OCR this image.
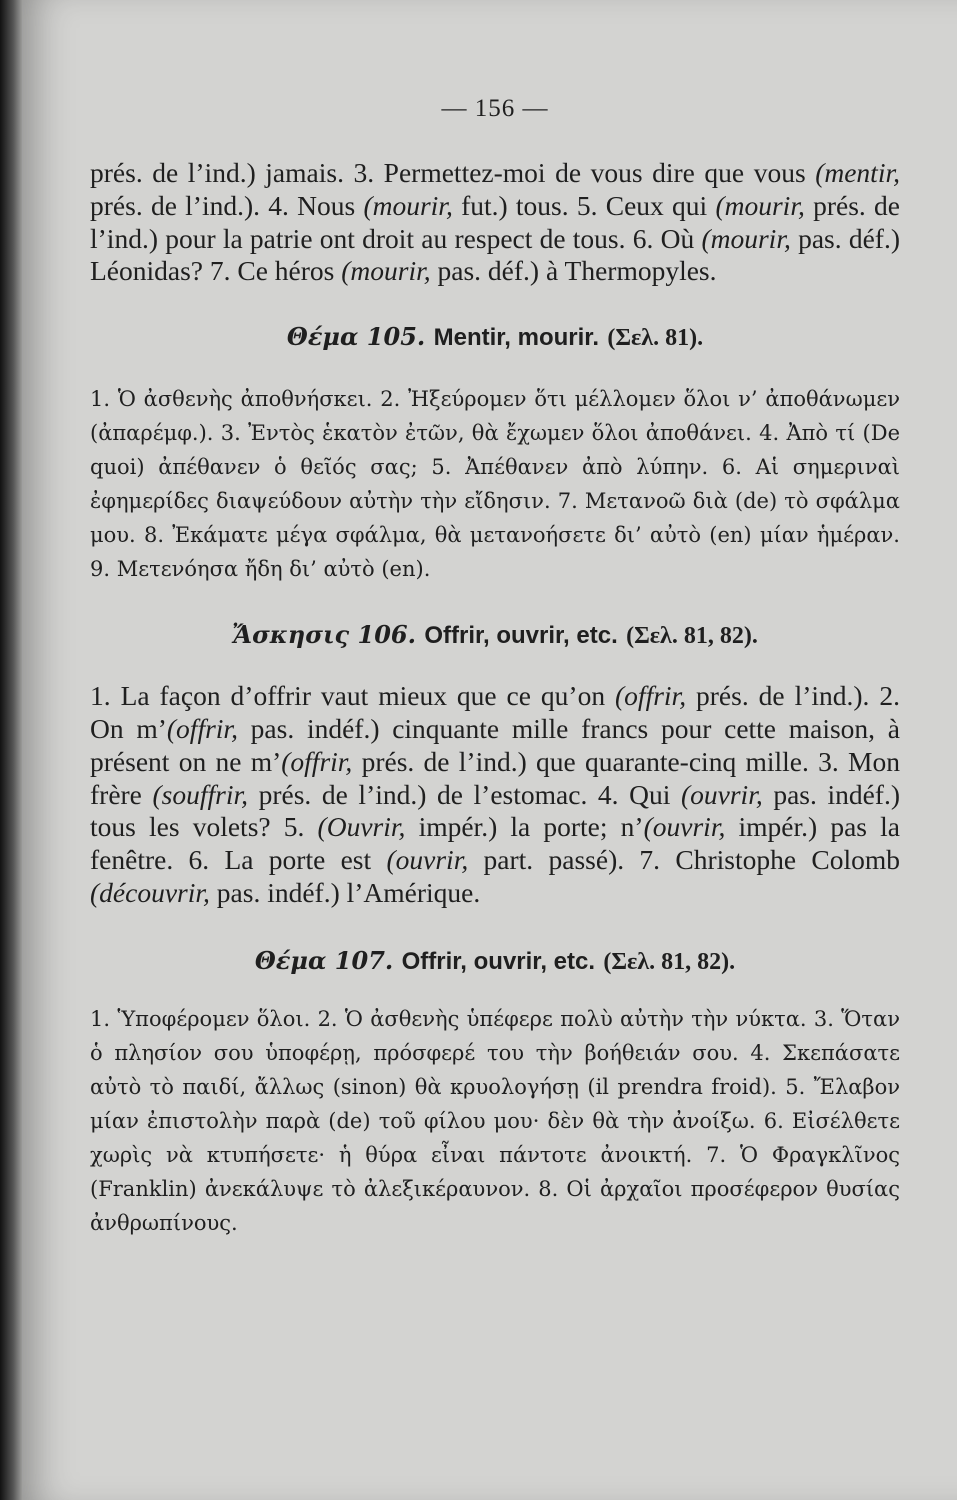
— 156 —

prés. de l’ind.) jamais. 3. Permettez-moi de vous dire que vous (mentir, prés. de l’ind.). 4. Nous (mourir, fut.) tous. 5. Ceux qui (mourir, prés. de l’ind.) pour la patrie ont droit au respect de tous. 6. Où (mourir, pas. déf.) Léonidas? 7. Ce héros (mourir, pas. déf.) à Thermopyles.

Θέμα 105. Mentir, mourir. (Σελ. 81).

1. Ὁ ἀσθενὴς ἀποθνήσκει. 2. Ἠξεύρομεν ὅτι μέλλομεν ὅλοι ν’ ἀποθάνωμεν (ἀπαρέμφ.). 3. Ἐντὸς ἑκατὸν ἐτῶν, θὰ ἔχωμεν ὅλοι ἀποθάνει. 4. Ἀπὸ τί (De quoi) ἀπέθανεν ὁ θεῖός σας; 5. Ἀπέθανεν ἀπὸ λύπην. 6. Αἱ σημεριναὶ ἐφημερίδες διαψεύδουν αὐτὴν τὴν εἴδησιν. 7. Μετανοῶ διὰ (de) τὸ σφάλμα μου. 8. Ἐκάματε μέγα σφάλμα, θὰ μετανοήσετε δι’ αὐτὸ (en) μίαν ἡμέραν. 9. Μετενόησα ἤδη δι’ αὐτὸ (en).

Ἄσκησις 106. Offrir, ouvrir, etc. (Σελ. 81, 82).

1. La façon d’offrir vaut mieux que ce qu’on (offrir, prés. de l’ind.). 2. On m’(offrir, pas. indéf.) cinquante mille francs pour cette maison, à présent on ne m’(offrir, prés. de l’ind.) que quarante-cinq mille. 3. Mon frère (souffrir, prés. de l’ind.) de l’estomac. 4. Qui (ouvrir, pas. indéf.) tous les volets? 5. (Ouvrir, impér.) la porte; n’(ouvrir, impér.) pas la fenêtre. 6. La porte est (ouvrir, part. passé). 7. Christophe Colomb (découvrir, pas. indéf.) l’Amérique.

Θέμα 107. Offrir, ouvrir, etc. (Σελ. 81, 82).

1. Ὑποφέρομεν ὅλοι. 2. Ὁ ἀσθενὴς ὑπέφερε πολὺ αὐτὴν τὴν νύκτα. 3. Ὅταν ὁ πλησίον σου ὑποφέρῃ, πρόσφερέ του τὴν βοήθειάν σου. 4. Σκεπάσατε αὐτὸ τὸ παιδί, ἄλλως (sinon) θὰ κρυολογήσῃ (il prendra froid). 5. Ἔλαβον μίαν ἐπιστολὴν παρὰ (de) τοῦ φίλου μου· δὲν θὰ τὴν ἀνοίξω. 6. Εἰσέλθετε χωρὶς νὰ κτυπήσετε· ἡ θύρα εἶναι πάντοτε ἀνοικτή. 7. Ὁ Φραγκλῖνος (Franklin) ἀνεκάλυψε τὸ ἀλεξικέραυνον. 8. Οἱ ἀρχαῖοι προσέφερον θυσίας ἀνθρωπίνους.
